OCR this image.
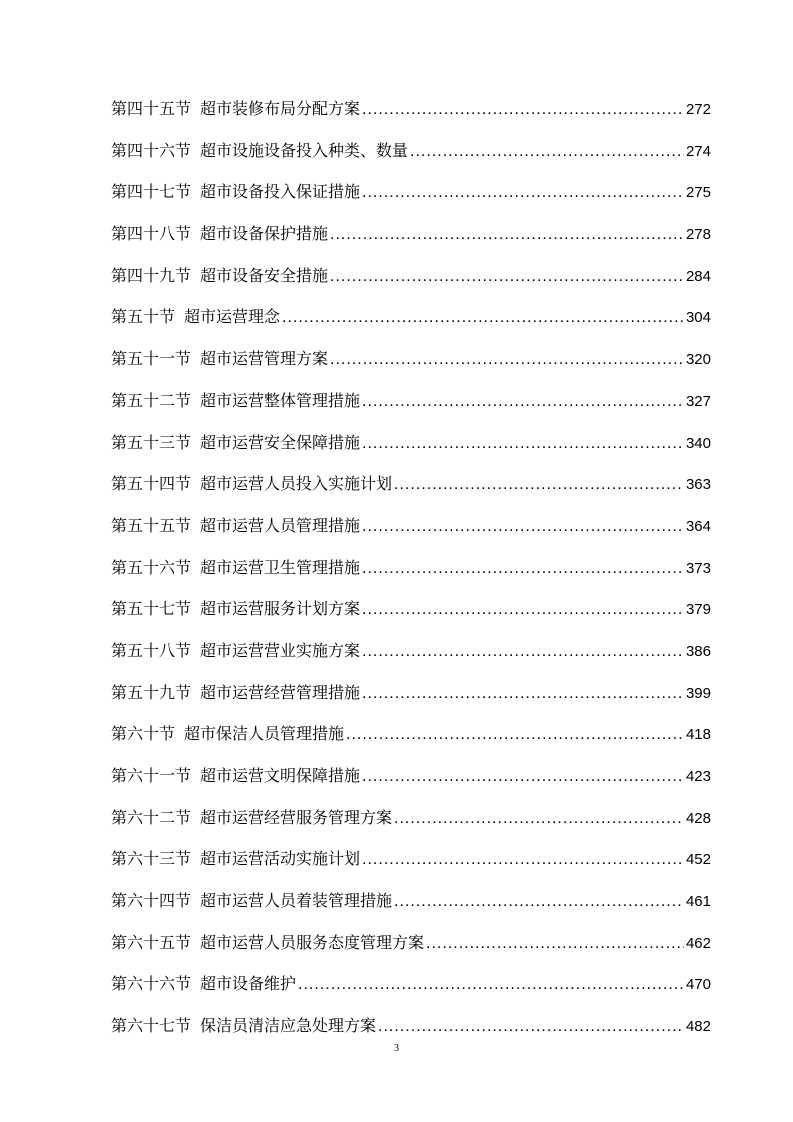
第四十五节 超市装修布局分配方案 .....	272
第四十六节 超市设施设备投入种类、数量 .....	274
第四十七节 超市设备投入保证措施 .....	275
第四十八节 超市设备保护措施 .....	278
第四十九节 超市设备安全措施 .....	284
第五十节 超市运营理念 .....	304
第五十一节 超市运营管理方案 .....	320
第五十二节 超市运营整体管理措施 .....	327
第五十三节 超市运营安全保障措施 .....	340
第五十四节 超市运营人员投入实施计划 .....	363
第五十五节 超市运营人员管理措施 .....	364
第五十六节 超市运营卫生管理措施 .....	373
第五十七节 超市运营服务计划方案 .....	379
第五十八节 超市运营营业实施方案 .....	386
第五十九节 超市运营经营管理措施 .....	399
第六十节 超市保洁人员管理措施 .....	418
第六十一节 超市运营文明保障措施 .....	423
第六十二节 超市运营经营服务管理方案 .....	428
第六十三节 超市运营活动实施计划 .....	452
第六十四节 超市运营人员着装管理措施 .....	461
第六十五节 超市运营人员服务态度管理方案 .....	462
第六十六节 超市设备维护 .....	470
第六十七节 保洁员清洁应急处理方案 .....	482
3
